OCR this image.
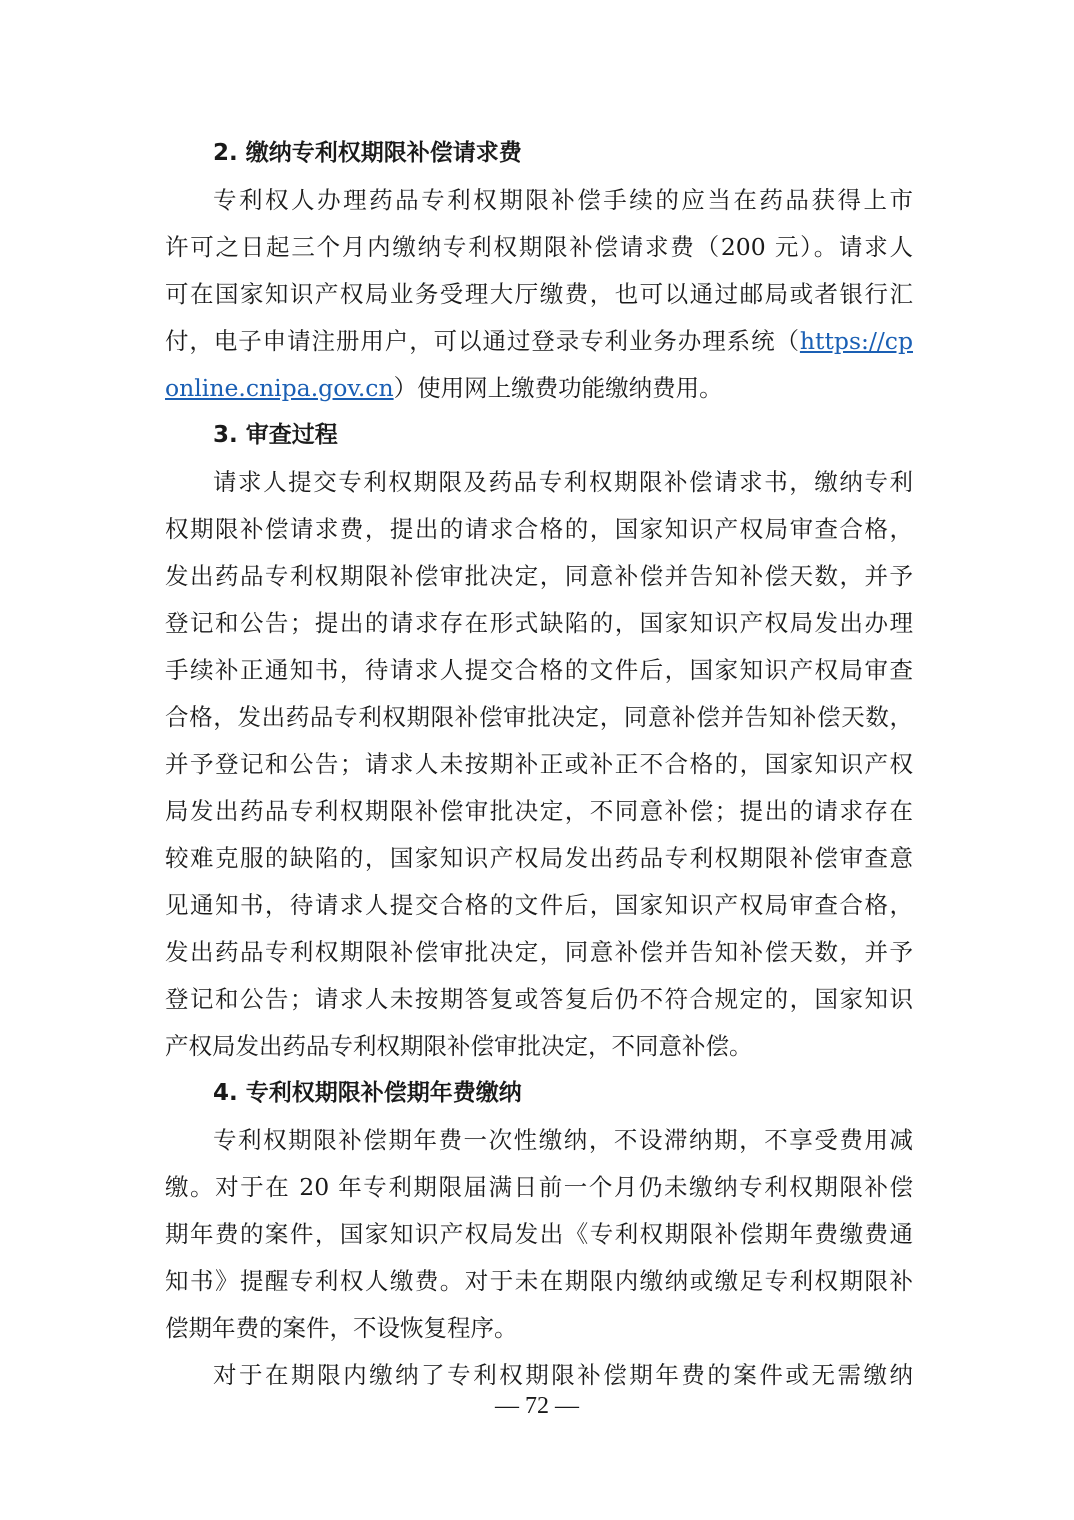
2. 缴纳专利权期限补偿请求费
专利权人办理药品专利权期限补偿手续的应当在药品获得上市
许可之日起三个月内缴纳专利权期限补偿请求费（200 元）。请求人
可在国家知识产权局业务受理大厅缴费，也可以通过邮局或者银行汇
付，电子申请注册用户，可以通过登录专利业务办理系统（https://cp
online.cnipa.gov.cn）使用网上缴费功能缴纳费用。
3. 审查过程
请求人提交专利权期限及药品专利权期限补偿请求书，缴纳专利
权期限补偿请求费，提出的请求合格的，国家知识产权局审查合格，
发出药品专利权期限补偿审批决定，同意补偿并告知补偿天数，并予
登记和公告；提出的请求存在形式缺陷的，国家知识产权局发出办理
手续补正通知书，待请求人提交合格的文件后，国家知识产权局审查
合格，发出药品专利权期限补偿审批决定，同意补偿并告知补偿天数，
并予登记和公告；请求人未按期补正或补正不合格的，国家知识产权
局发出药品专利权期限补偿审批决定，不同意补偿；提出的请求存在
较难克服的缺陷的，国家知识产权局发出药品专利权期限补偿审查意
见通知书，待请求人提交合格的文件后，国家知识产权局审查合格，
发出药品专利权期限补偿审批决定，同意补偿并告知补偿天数，并予
登记和公告；请求人未按期答复或答复后仍不符合规定的，国家知识
产权局发出药品专利权期限补偿审批决定，不同意补偿。
4. 专利权期限补偿期年费缴纳
专利权期限补偿期年费一次性缴纳，不设滞纳期，不享受费用减
缴。对于在 20 年专利期限届满日前一个月仍未缴纳专利权期限补偿
期年费的案件，国家知识产权局发出《专利权期限补偿期年费缴费通
知书》提醒专利权人缴费。对于未在期限内缴纳或缴足专利权期限补
偿期年费的案件，不设恢复程序。
对于在期限内缴纳了专利权期限补偿期年费的案件或无需缴纳
— 72 —
